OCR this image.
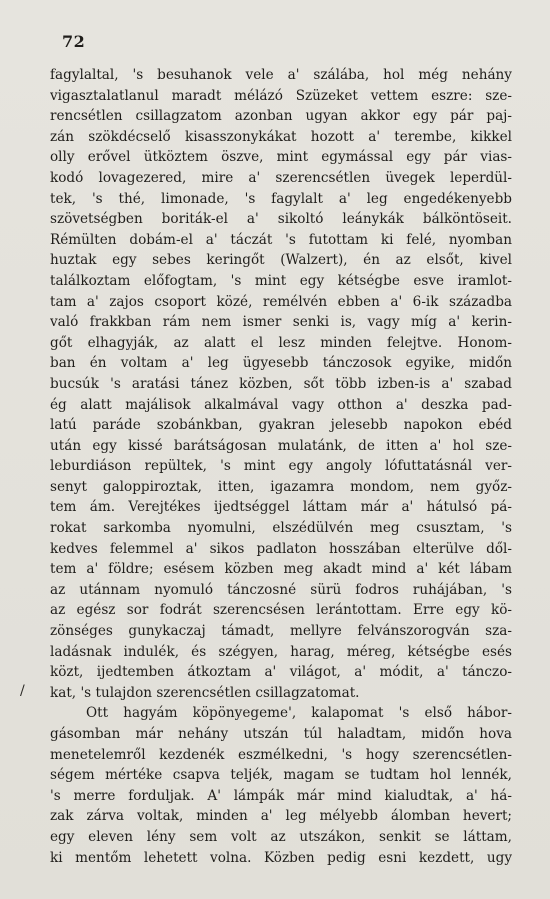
72
/
fagylaltal, 's besuhanok vele a' szálába, hol még nehány
vigasztalatlanul maradt mélázó Szüzeket vettem eszre: sze-
rencsétlen csillagzatom azonban ugyan akkor egy pár paj-
zán szökdécselő kisasszonykákat hozott a' terembe, kikkel
olly erővel ütköztem öszve, mint egymással egy pár vias-
kodó lovagezered, mire a' szerencsétlen üvegek leperdül-
tek, 's thé, limonade, 's fagylalt a' leg engedékenyebb
szövetségben boriták-el a' sikoltó leánykák bálköntöseit.
Rémülten dobám-el a' táczát 's futottam ki felé, nyomban
huztak egy sebes keringőt (Walzert), én az elsőt, kivel
találkoztam előfogtam, 's mint egy kétségbe esve iramlot-
tam a' zajos csoport közé, remélvén ebben a' 6-ik századba
való frakkban rám nem ismer senki is, vagy míg a' kerin-
gőt elhagyják, az alatt el lesz minden felejtve. Honom-
ban én voltam a' leg ügyesebb tánczosok egyike, midőn
bucsúk 's aratási tánez közben, sőt több izben-is a' szabad
ég alatt majálisok alkalmával vagy otthon a' deszka pad-
latú paráde szobánkban, gyakran jelesebb napokon ebéd
után egy kissé barátságosan mulatánk, de itten a' hol sze-
leburdiáson repültek, 's mint egy angoly lófuttatásnál ver-
senyt galoppiroztak, itten, igazamra mondom, nem győz-
tem ám. Verejtékes ijedtséggel láttam már a' hátulsó pá-
rokat sarkomba nyomulni, elszédülvén meg csusztam, 's
kedves felemmel a' sikos padlaton hosszában elterülve dől-
tem a' földre; esésem közben meg akadt mind a' két lábam
az utánnam nyomuló tánczosné sürü fodros ruhájában, 's
az egész sor fodrát szerencsésen lerántottam. Erre egy kö-
zönséges gunykaczaj támadt, mellyre felvánszorogván sza-
ladásnak indulék, és szégyen, harag, méreg, kétségbe esés
közt, ijedtemben átkoztam a' világot, a' módit, a' tánczo-
kat, 's tulajdon szerencsétlen csillagzatomat.
Ott hagyám köpönyegeme', kalapomat 's első hábor-
gásomban már nehány utszán túl haladtam, midőn hova
menetelemről kezdenék eszmélkedni, 's hogy szerencsétlen-
ségem mértéke csapva teljék, magam se tudtam hol lennék,
's merre forduljak. A' lámpák már mind kialudtak, a' há-
zak zárva voltak, minden a' leg mélyebb álomban hevert;
egy eleven lény sem volt az utszákon, senkit se láttam,
ki mentőm lehetett volna. Közben pedig esni kezdett, ugy
